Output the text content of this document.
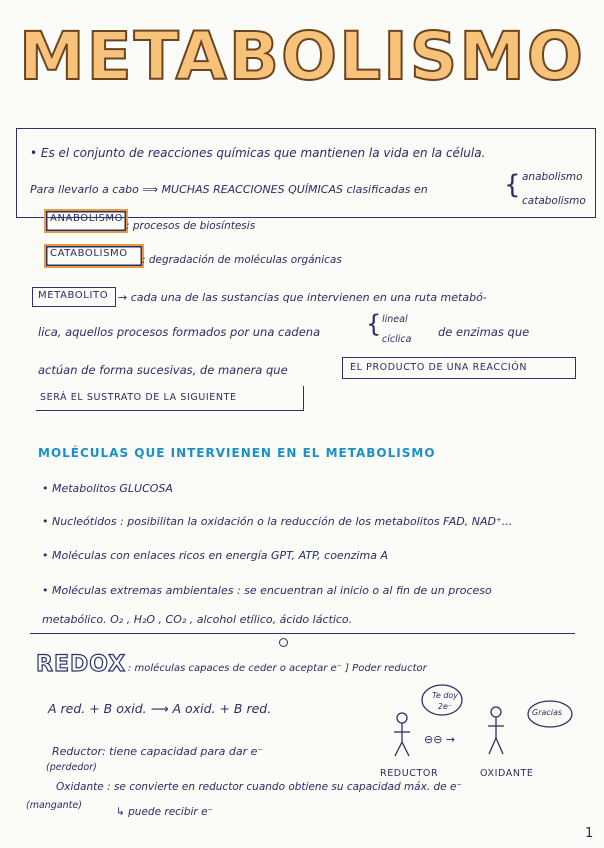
METABOLISMO
• Es el conjunto de reacciones químicas que mantienen la vida en la célula.
Para llevarlo a cabo ⟹ MUCHAS REACCIONES QUÍMICAS clasificadas en	{ anabolismo
catabolismo
ANABOLISMO
: procesos de biosíntesis
CATABOLISMO
: degradación de moléculas orgánicas
METABOLITO → cada una de las sustancias que intervienen en una ruta metabó-
lica, aquellos procesos formados por una cadena { lineal
cíclica
de enzimas que
actúan de forma sucesivas, de manera que	EL PRODUCTO DE UNA REACCIÓN
SERÁ EL SUSTRATO DE LA SIGUIENTE
MOLÉCULAS QUE INTERVIENEN EN EL METABOLISMO
• Metabolitos GLUCOSA
• Nucleótidos : posibilitan la oxidación o la reducción de los metabolitos FAD, NAD⁺...
• Moléculas con enlaces ricos en energía GPT, ATP, coenzima A
• Moléculas extremas ambientales : se encuentran al inicio o al fin de un proceso
metabólico. O₂ , H₂O , CO₂ , alcohol etílico, ácido láctico.
REDOX : moléculas capaces de ceder o aceptar e⁻ ] Poder reductor
A red. + B oxid. ⟶ A oxid. + B red.
Te doy 2e⁻
Gracias
⊖⊖ →
REDUCTOR	OXIDANTE
Reductor: tiene capacidad para dar e⁻
(perdedor)
Oxidante : se convierte en reductor cuando obtiene su capacidad máx. de e⁻
(mangante)
↳ puede recibir e⁻
1
